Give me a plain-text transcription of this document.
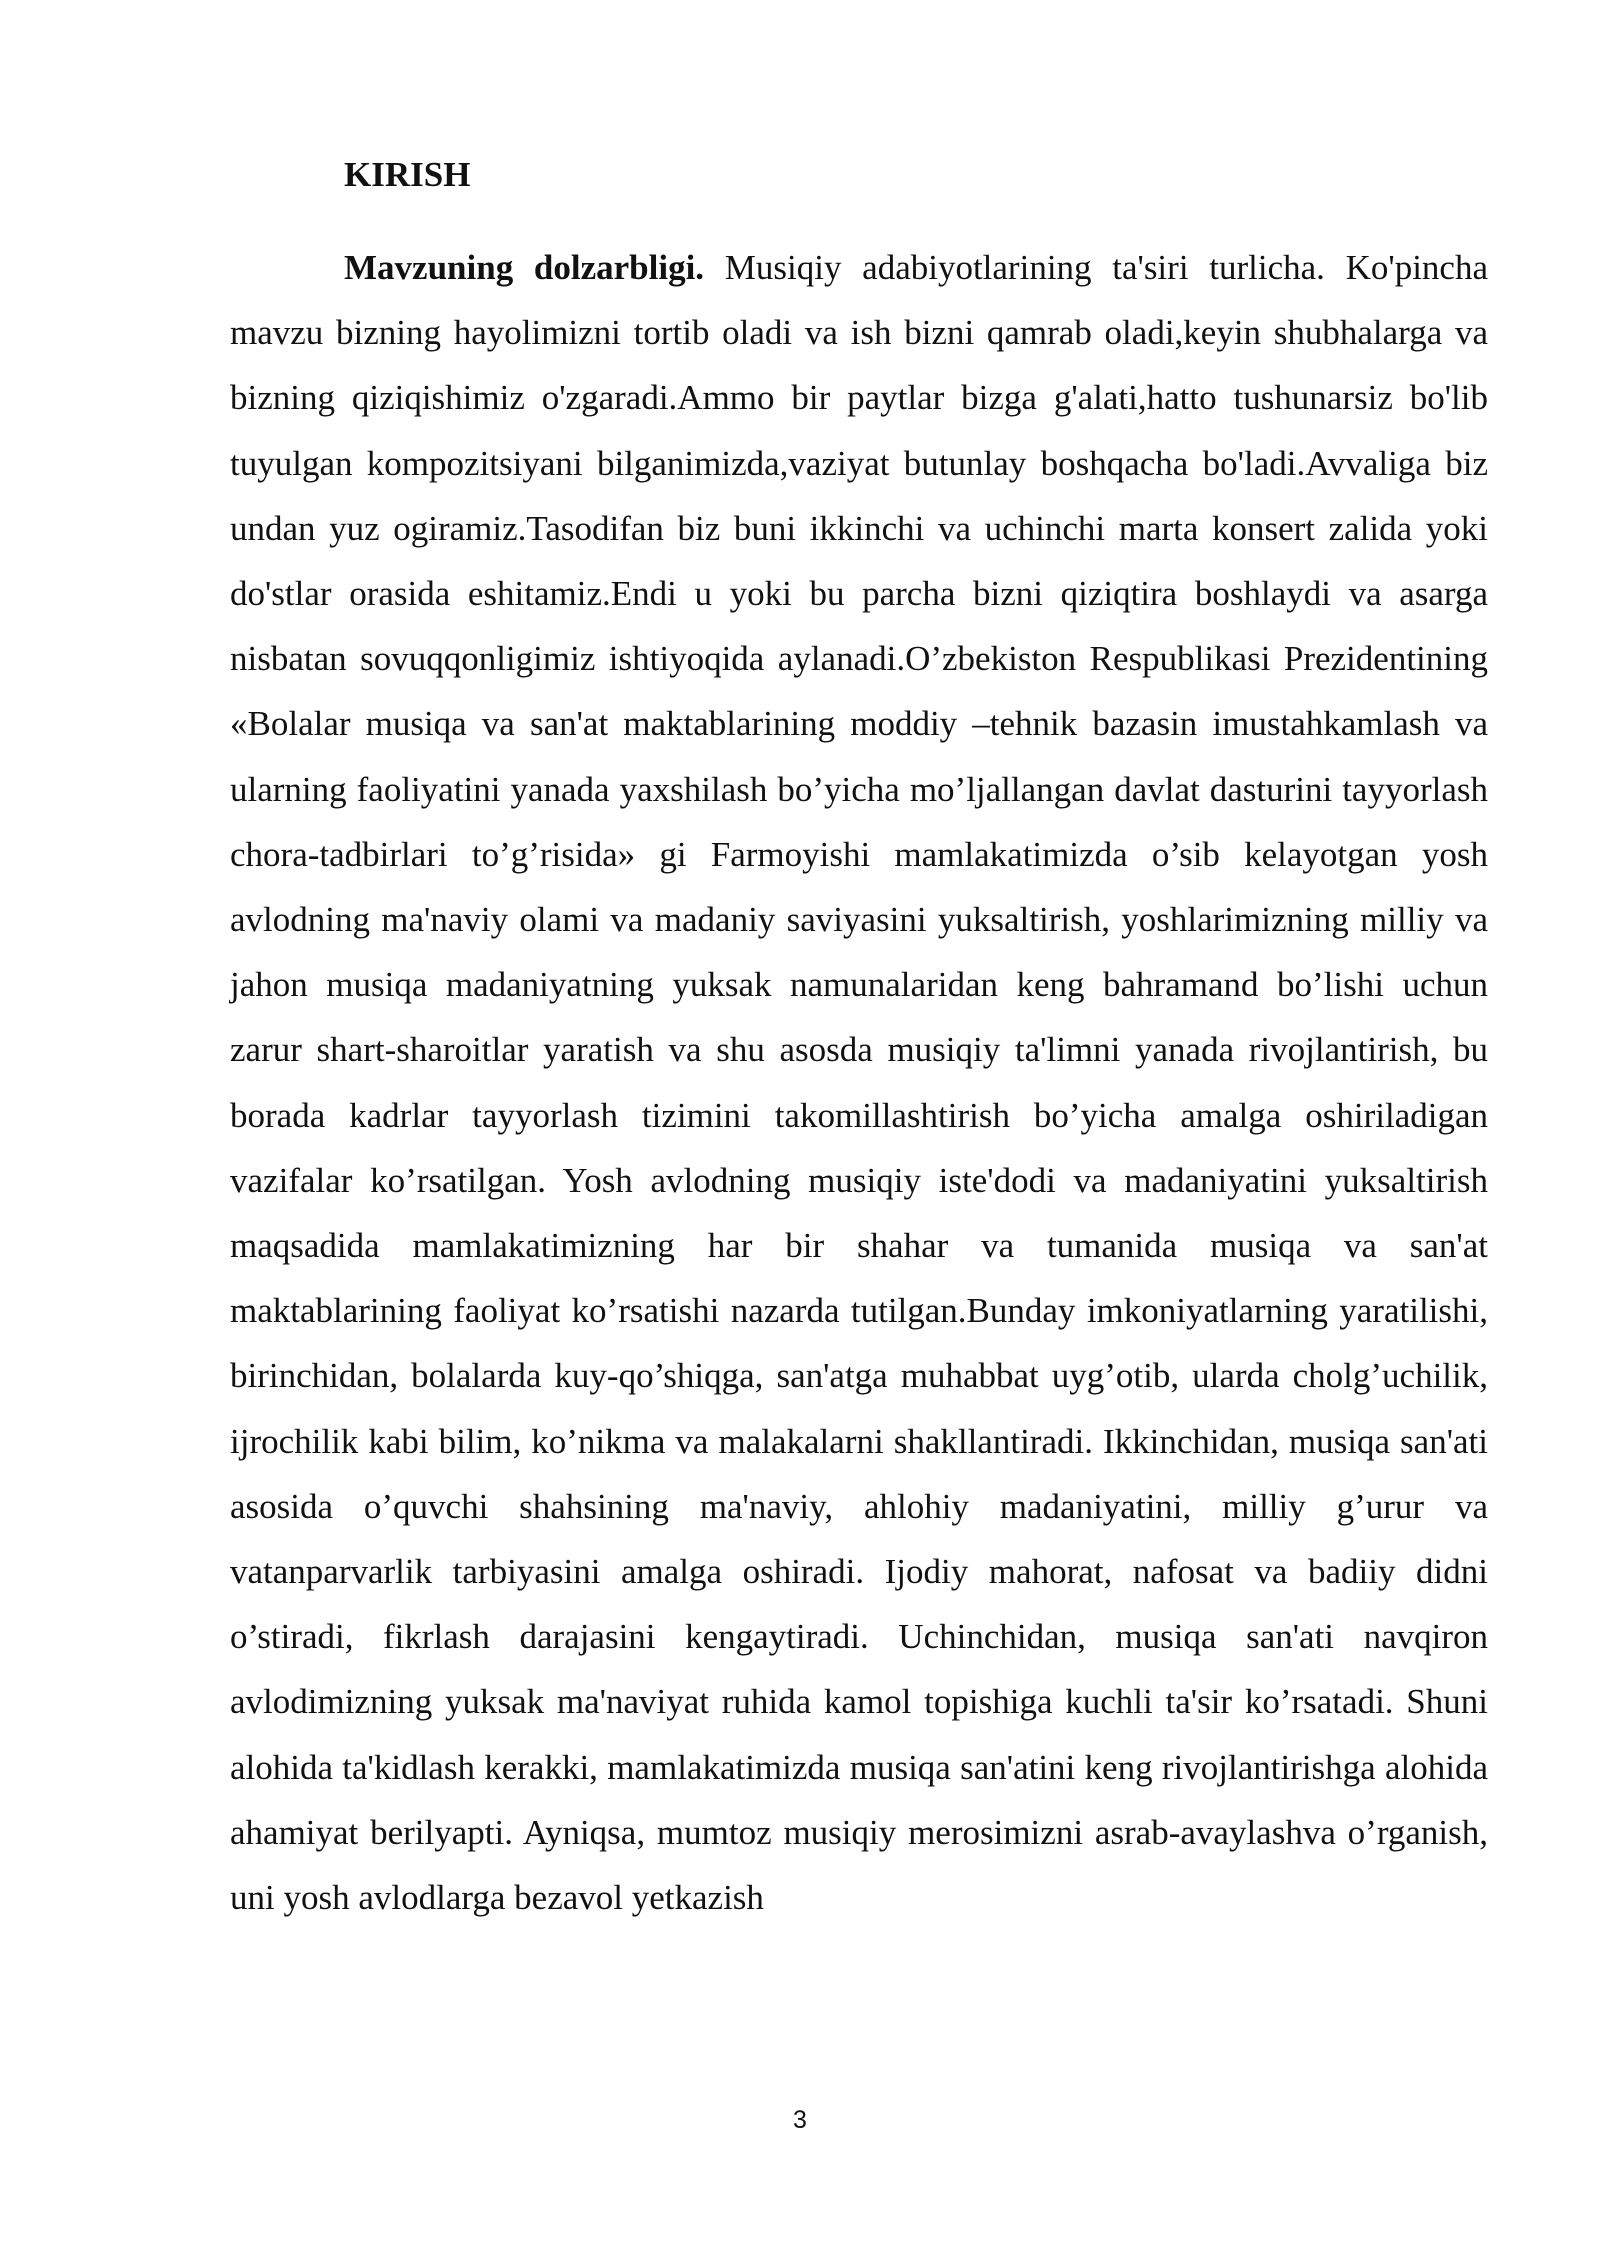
KIRISH

Mavzuning dolzarbligi. Musiqiy adabiyotlarining ta'siri turlicha. Ko'pincha mavzu bizning hayolimizni tortib oladi va ish bizni qamrab oladi,keyin shubhalarga va bizning qiziqishimiz o'zgaradi.Ammo bir paytlar bizga g'alati,hatto tushunarsiz bo'lib tuyulgan kompozitsiyani bilganimizda,vaziyat butunlay boshqacha bo'ladi.Avvaliga biz undan yuz ogiramiz.Tasodifan biz buni ikkinchi va uchinchi marta konsert zalida yoki do'stlar orasida eshitamiz.Endi u yoki bu parcha bizni qiziqtira boshlaydi va asarga nisbatan sovuqqonligimiz ishtiyoqida aylanadi.O’zbekiston Respublikasi Prezidentining «Bolalar musiqa va san'at maktablarining moddiy –tehnik bazasin imustahkamlash va ularning faoliyatini yanada yaxshilash bo’yicha mo’ljallangan davlat dasturini tayyorlash chora-tadbirlari to’g’risida» gi Farmoyishi mamlakatimizda o’sib kelayotgan yosh avlodning ma'naviy olami va madaniy saviyasini yuksaltirish, yoshlarimizning milliy va jahon musiqa madaniyatning yuksak namunalaridan keng bahramand bo’lishi uchun zarur shart-sharoitlar yaratish va shu asosda musiqiy ta'limni yanada rivojlantirish, bu borada kadrlar tayyorlash tizimini takomillashtirish bo’yicha amalga oshiriladigan vazifalar ko’rsatilgan. Yosh avlodning musiqiy iste'dodi va madaniyatini yuksaltirish maqsadida mamlakatimizning har bir shahar va tumanida musiqa va san'at maktablarining faoliyat ko’rsatishi nazarda tutilgan.Bunday imkoniyatlarning yaratilishi, birinchidan, bolalarda kuy-qo’shiqga, san'atga muhabbat uyg’otib, ularda cholg’uchilik, ijrochilik kabi bilim, ko’nikma va malakalarni shakllantiradi. Ikkinchidan, musiqa san'ati asosida o’quvchi shahsining ma'naviy, ahlohiy madaniyatini, milliy g’urur va vatanparvarlik tarbiyasini amalga oshiradi. Ijodiy mahorat, nafosat va badiiy didni o’stiradi, fikrlash darajasini kengaytiradi. Uchinchidan, musiqa san'ati navqiron avlodimizning yuksak ma'naviyat ruhida kamol topishiga kuchli ta'sir ko’rsatadi. Shuni alohida ta'kidlash kerakki, mamlakatimizda musiqa san'atini keng rivojlantirishga alohida ahamiyat berilyapti. Ayniqsa, mumtoz musiqiy merosimizni asrab-avaylashva o’rganish, uni yosh avlodlarga bezavol yetkazish

3
